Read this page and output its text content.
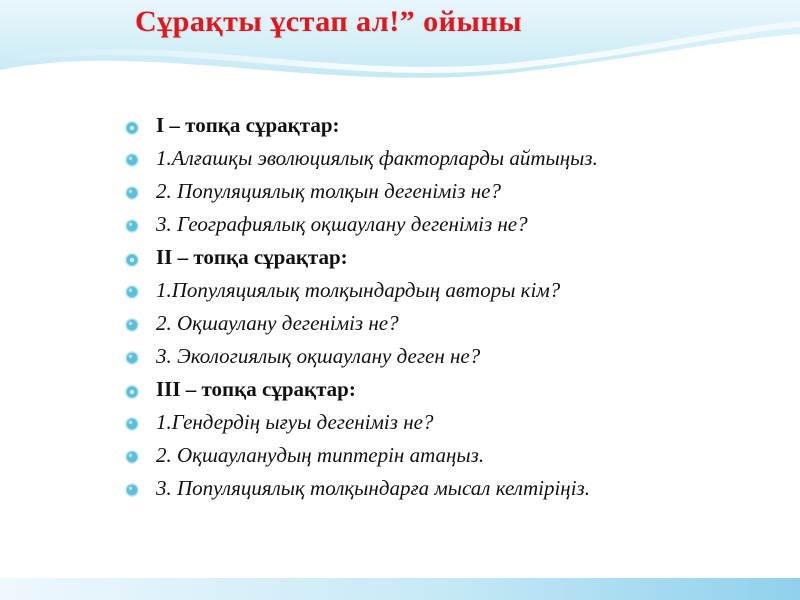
Сұрақты ұстап ал!” ойыны
І – топқа сұрақтар:
1.Алғашқы эволюциялық факторларды айтыңыз.
2. Популяциялық толқын дегеніміз не?
3. Географиялық оқшаулану дегеніміз не?
ІІ – топқа сұрақтар:
1.Популяциялық толқындардың авторы кім?
2. Оқшаулану дегеніміз не?
3. Экологиялық оқшаулану деген не?
ІІІ – топқа сұрақтар:
1.Гендердің ығуы дегеніміз не?
2. Оқшауланудың типтерін атаңыз.
3. Популяциялық толқындарға мысал келтіріңіз.
